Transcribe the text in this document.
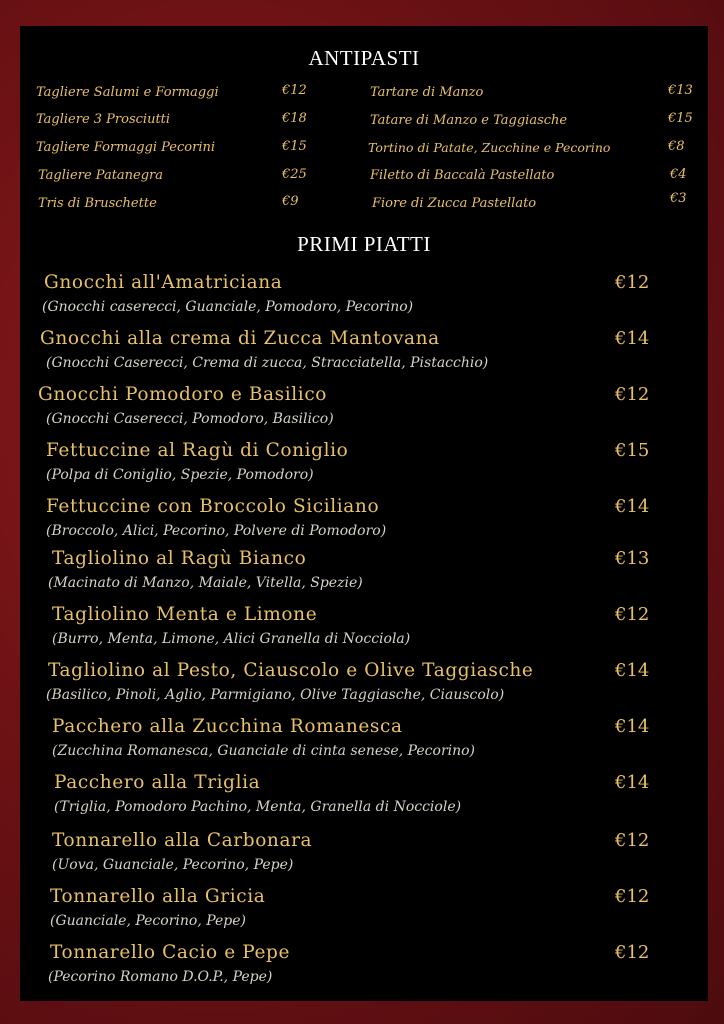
ANTIPASTI
Tagliere Salumi e Formaggi	€12
Tagliere 3 Prosciutti	€18
Tagliere Formaggi Pecorini	€15
Tagliere Patanegra	€25
Tris di Bruschette	€9
Tartare di Manzo	€13
Tatare di Manzo e Taggiasche	€15
Tortino di Patate, Zucchine e Pecorino	€8
Filetto di Baccalà Pastellato	€4
Fiore di Zucca Pastellato	€3
PRIMI PIATTI
Gnocchi all'Amatriciana	€12
(Gnocchi casereccі, Guanciale, Pomodoro, Pecorino)
Gnocchi alla crema di Zucca Mantovana	€14
(Gnocchi Caserecci, Crema di zucca, Stracciatella, Pistacchio)
Gnocchi Pomodoro e Basilico	€12
(Gnocchi Caserecci, Pomodoro, Basilico)
Fettuccine al Ragù di Coniglio	€15
(Polpa di Coniglio, Spezie, Pomodoro)
Fettuccine con Broccolo Siciliano	€14
(Broccolo, Alici, Pecorino, Polvere di Pomodoro)
Tagliolino al Ragù Bianco	€13
(Macinato di Manzo, Maiale, Vitella, Spezie)
Tagliolino Menta e Limone	€12
(Burro, Menta, Limone, Alici Granella di Nocciola)
Tagliolino al Pesto, Ciauscolo e Olive Taggiasche	€14
(Basilico, Pinoli, Aglio, Parmigiano, Olive Taggiasche, Ciauscolo)
Pacchero alla Zucchina Romanesca	€14
(Zucchina Romanesca, Guanciale di cinta senese, Pecorino)
Pacchero alla Triglia	€14
(Triglia, Pomodoro Pachino, Menta, Granella di Nocciole)
Tonnarello alla Carbonara	€12
(Uova, Guanciale, Pecorino, Pepe)
Tonnarello alla Gricia	€12
(Guanciale, Pecorino, Pepe)
Tonnarello Cacio e Pepe	€12
(Pecorino Romano D.O.P., Pepe)
